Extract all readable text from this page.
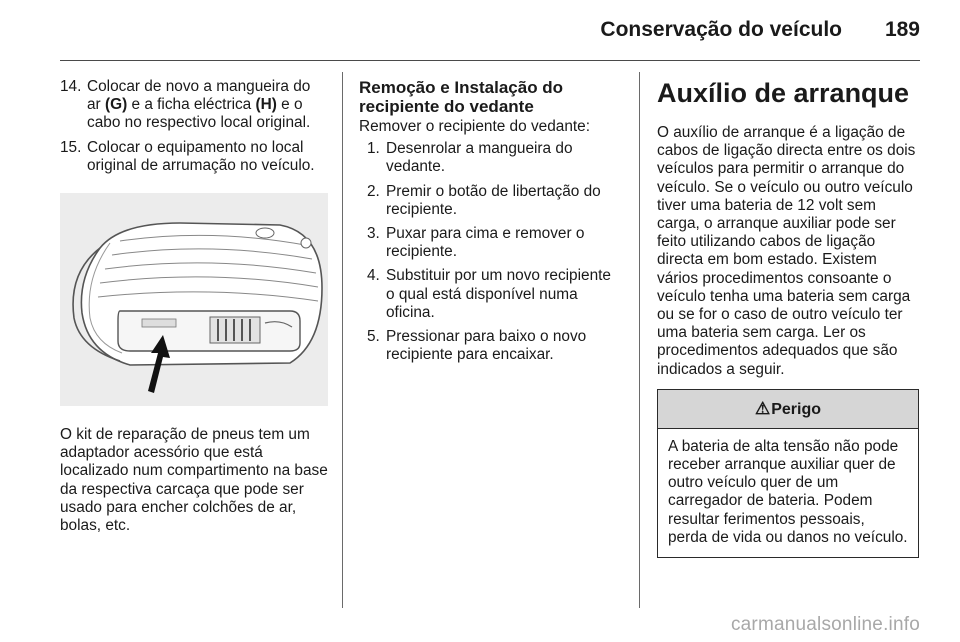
Conservação do veículo 189
14. Colocar de novo a mangueira do ar (G) e a ficha eléctrica (H) e o cabo no respectivo local original.
15. Colocar o equipamento no local original de arrumação no veículo.
O kit de reparação de pneus tem um adaptador acessório que está localizado num compartimento na base da respectiva carcaça que pode ser usado para encher colchões de ar, bolas, etc.
Remoção e Instalação do recipiente do vedante
Remover o recipiente do vedante:
1. Desenrolar a mangueira do vedante.
2. Premir o botão de libertação do recipiente.
3. Puxar para cima e remover o recipiente.
4. Substituir por um novo recipiente o qual está disponível numa oficina.
5. Pressionar para baixo o novo recipiente para encaixar.
Auxílio de arranque
O auxílio de arranque é a ligação de cabos de ligação directa entre os dois veículos para permitir o arranque do veículo. Se o veículo ou outro veículo tiver uma bateria de 12 volt sem carga, o arranque auxiliar pode ser feito utilizando cabos de ligação directa em bom estado. Existem vários procedimentos consoante o veículo tenha uma bateria sem carga ou se for o caso de outro veículo ter uma bateria sem carga. Ler os procedimentos adequados que são indicados a seguir.
⚠Perigo
A bateria de alta tensão não pode receber arranque auxiliar quer de outro veículo quer de um carregador de bateria. Podem resultar ferimentos pessoais, perda de vida ou danos no veículo.
carmanualsonline.info
